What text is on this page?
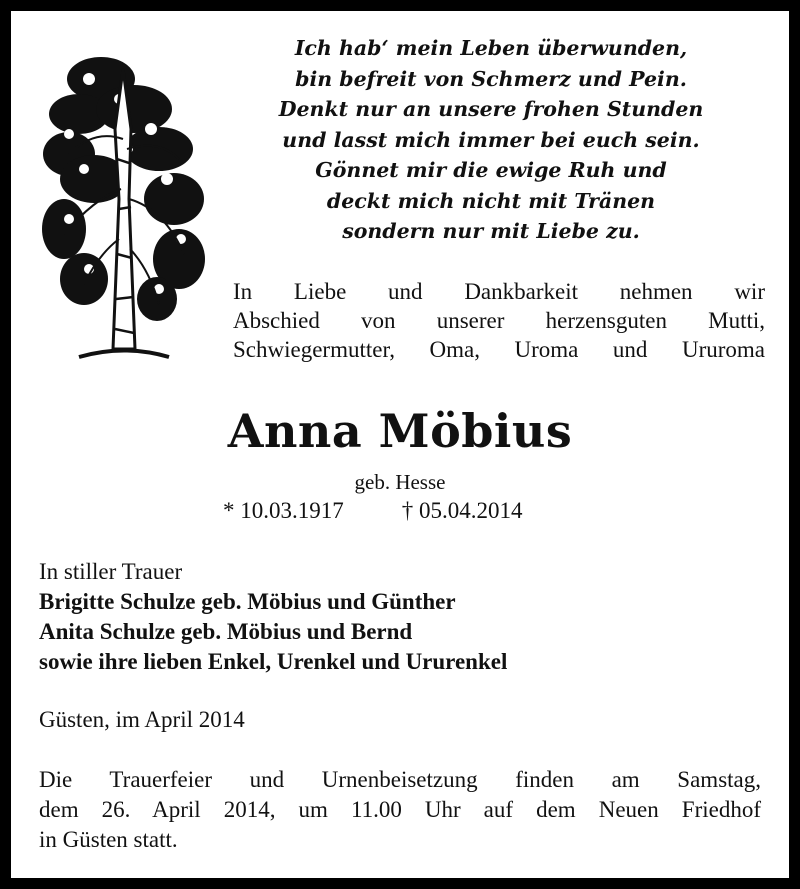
Ich hab‘ mein Leben überwunden,
bin befreit von Schmerz und Pein.
Denkt nur an unsere frohen Stunden
und lasst mich immer bei euch sein.
Gönnet mir die ewige Ruh und
deckt mich nicht mit Tränen
sondern nur mit Liebe zu.
In Liebe und Dankbarkeit nehmen wir
Abschied von unserer herzensguten Mutti,
Schwiegermutter, Oma, Uroma und Ururoma
Anna Möbius
geb. Hesse
* 10.03.1917	† 05.04.2014
In stiller Trauer
Brigitte Schulze geb. Möbius und Günther
Anita Schulze geb. Möbius und Bernd
sowie ihre lieben Enkel, Urenkel und Ururenkel
Güsten, im April 2014
Die Trauerfeier und Urnenbeisetzung finden am Samstag,
dem 26. April 2014, um 11.00 Uhr auf dem Neuen Friedhof
in Güsten statt.
